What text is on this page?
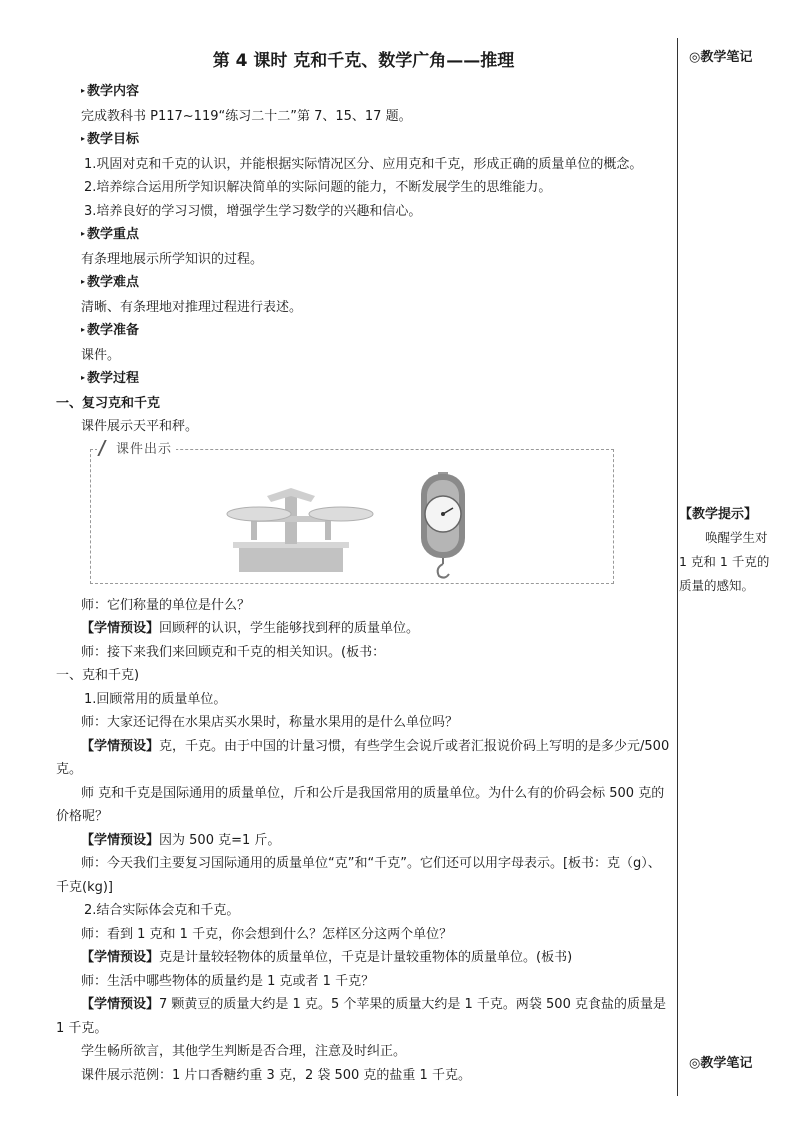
◎教学笔记
【教学提示】
唤醒学生对 1 克和 1 千克的质量的感知。
◎教学笔记
第 4 课时 克和千克、数学广角——推理
▸ 教学内容
完成教科书 P117~119“练习二十二”第 7、15、17 题。
▸ 教学目标
1.巩固对克和千克的认识，并能根据实际情况区分、应用克和千克，形成正确的质量单位的概念。
2.培养综合运用所学知识解决简单的实际问题的能力，不断发展学生的思维能力。
3.培养良好的学习习惯，增强学生学习数学的兴趣和信心。
▸ 教学重点
有条理地展示所学知识的过程。
▸ 教学难点
清晰、有条理地对推理过程进行表述。
▸ 教学准备
课件。
▸ 教学过程
一、复习克和千克
课件展示天平和秤。
课件出示
师：它们称量的单位是什么？
【学情预设】回顾秤的认识，学生能够找到秤的质量单位。
师：接下来我们来回顾克和千克的相关知识。(板书：
一、克和千克)
1.回顾常用的质量单位。
师：大家还记得在水果店买水果时，称量水果用的是什么单位吗？
【学情预设】克，千克。由于中国的计量习惯，有些学生会说斤或者汇报说价码上写明的是多少元/500 克。
师 克和千克是国际通用的质量单位，斤和公斤是我国常用的质量单位。为什么有的价码会标 500 克的价格呢？
【学情预设】因为 500 克=1 斤。
师：今天我们主要复习国际通用的质量单位“克”和“千克”。它们还可以用字母表示。[板书：克（g）、千克(kg)]
2.结合实际体会克和千克。
师：看到 1 克和 1 千克，你会想到什么？怎样区分这两个单位？
【学情预设】克是计量较轻物体的质量单位，千克是计量较重物体的质量单位。(板书)
师：生活中哪些物体的质量约是 1 克或者 1 千克？
【学情预设】7 颗黄豆的质量大约是 1 克。5 个苹果的质量大约是 1 千克。两袋 500 克食盐的质量是 1 千克。
学生畅所欲言，其他学生判断是否合理，注意及时纠正。
课件展示范例：1 片口香糖约重 3 克，2 袋 500 克的盐重 1 千克。
